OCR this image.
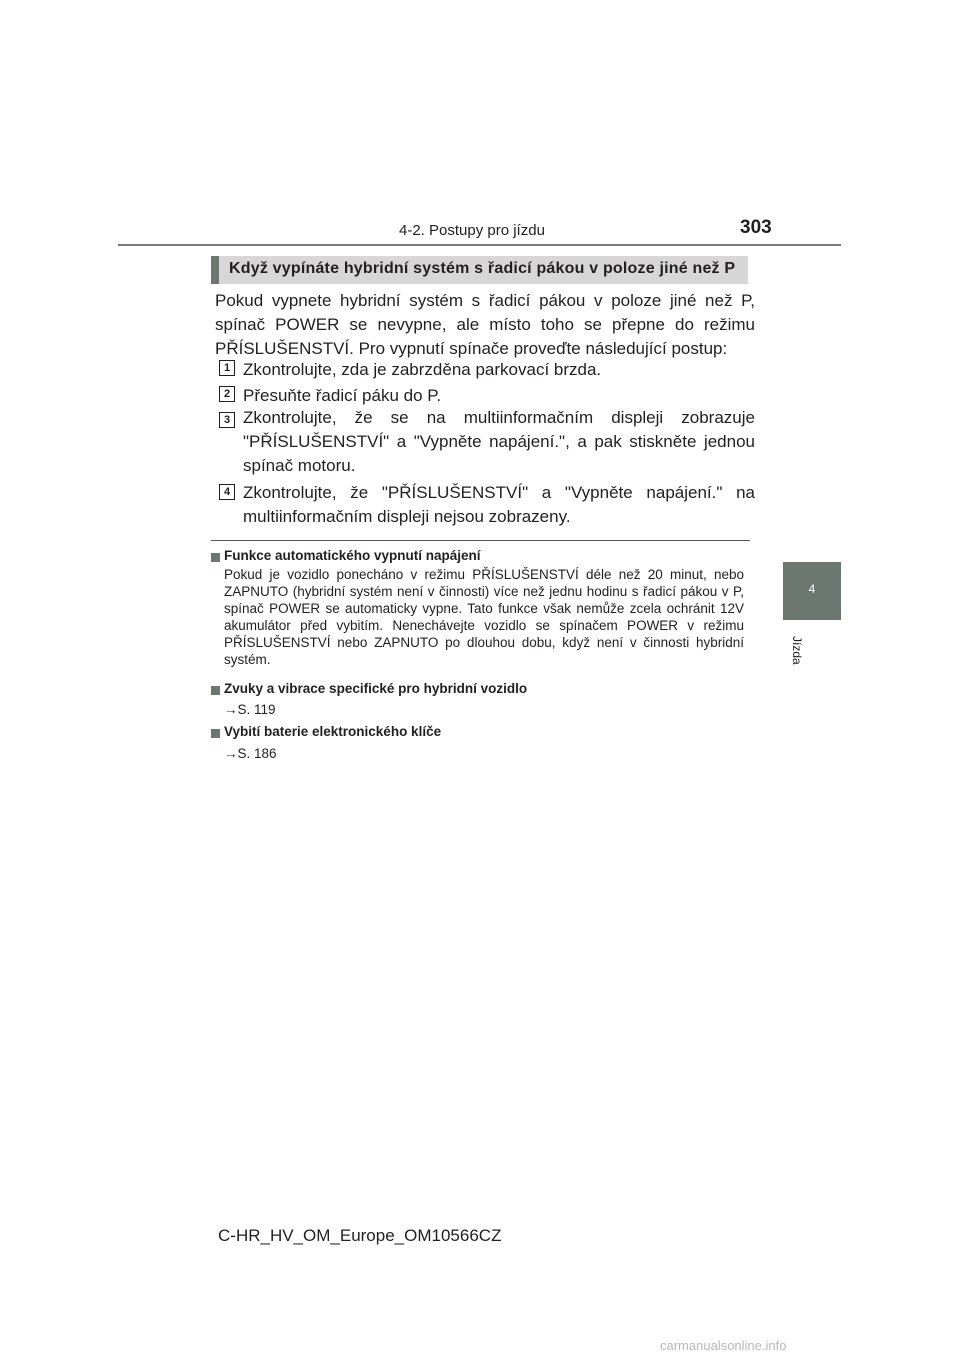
4-2. Postupy pro jízdu	303
4
Jízda
Když vypínáte hybridní systém s řadicí pákou v poloze jiné než P
Pokud vypnete hybridní systém s řadicí pákou v poloze jiné než P, spínač POWER se nevypne, ale místo toho se přepne do režimu PŘÍSLUŠENSTVÍ. Pro vypnutí spínače proveďte následující postup:
1 Zkontrolujte, zda je zabrzděna parkovací brzda.
2 Přesuňte řadicí páku do P.
3 Zkontrolujte, že se na multiinformačním displeji zobrazuje "PŘÍSLUŠENSTVÍ" a "Vypněte napájení.", a pak stiskněte jednou spínač motoru.
4 Zkontrolujte, že "PŘÍSLUŠENSTVÍ" a "Vypněte napájení." na multiinformačním displeji nejsou zobrazeny.
Funkce automatického vypnutí napájení
Pokud je vozidlo ponecháno v režimu PŘÍSLUŠENSTVÍ déle než 20 minut, nebo ZAPNUTO (hybridní systém není v činnosti) více než jednu hodinu s řadicí pákou v P, spínač POWER se automaticky vypne. Tato funkce však nemůže zcela ochránit 12V akumulátor před vybitím. Nenechávejte vozidlo se spínačem POWER v režimu PŘÍSLUŠENSTVÍ nebo ZAPNUTO po dlouhou dobu, když není v činnosti hybridní systém.
Zvuky a vibrace specifické pro hybridní vozidlo
→S. 119
Vybití baterie elektronického klíče
→S. 186
C-HR_HV_OM_Europe_OM10566CZ
carmanualsonline.info
